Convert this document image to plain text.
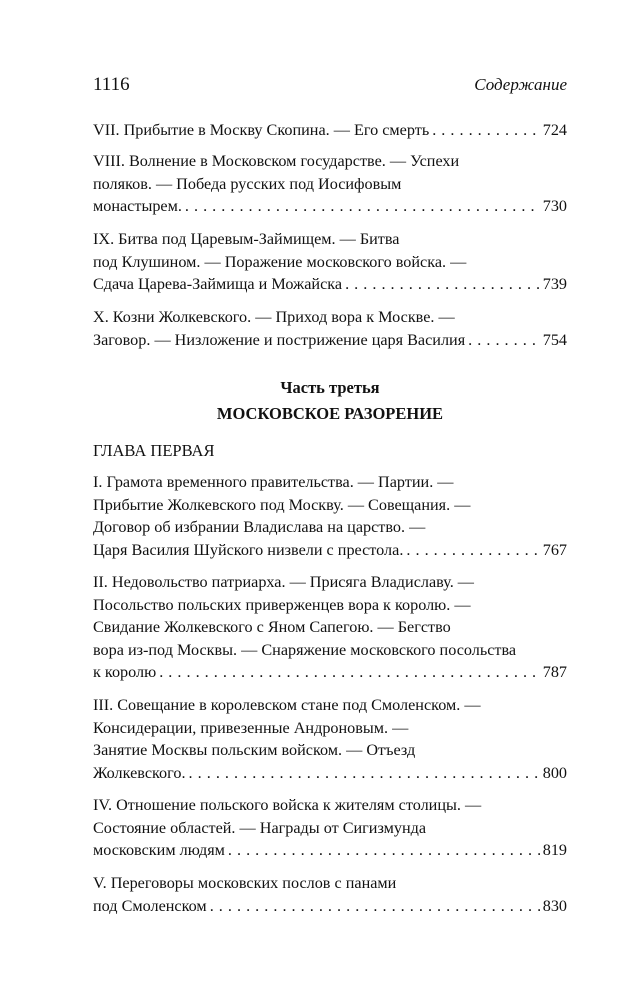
1116	Содержание
VII. Прибытие в Москву Скопина. — Его смерть . . .	724
VIII. Волнение в Московском государстве. — Успехи
поляков. — Победа русских под Иосифовым
монастырем. . . .	730
IX. Битва под Царевым-Займищем. — Битва
под Клушином. — Поражение московского войска. —
Сдача Царева-Займища и Можайска . . .	739
X. Козни Жолкевского. — Приход вора к Москве. —
Заговор. — Низложение и пострижение царя Василия . . .	754
Часть третья
МОСКОВСКОЕ РАЗОРЕНИЕ
ГЛАВА ПЕРВАЯ
I. Грамота временного правительства. — Партии. —
Прибытие Жолкевского под Москву. — Совещания. —
Договор об избрании Владислава на царство. —
Царя Василия Шуйского низвели с престола. . . .	767
II. Недовольство патриарха. — Присяга Владиславу. —
Посольство польских приверженцев вора к королю. —
Свидание Жолкевского с Яном Сапегою. — Бегство
вора из-под Москвы. — Снаряжение московского посольства
к королю . . .	787
III. Совещание в королевском стане под Смоленском. —
Консидерации, привезенные Андроновым. —
Занятие Москвы польским войском. — Отъезд
Жолкевского. . . .	800
IV. Отношение польского войска к жителям столицы. —
Состояние областей. — Награды от Сигизмунда
московским людям . . .	819
V. Переговоры московских послов с панами
под Смоленском . . .	830
